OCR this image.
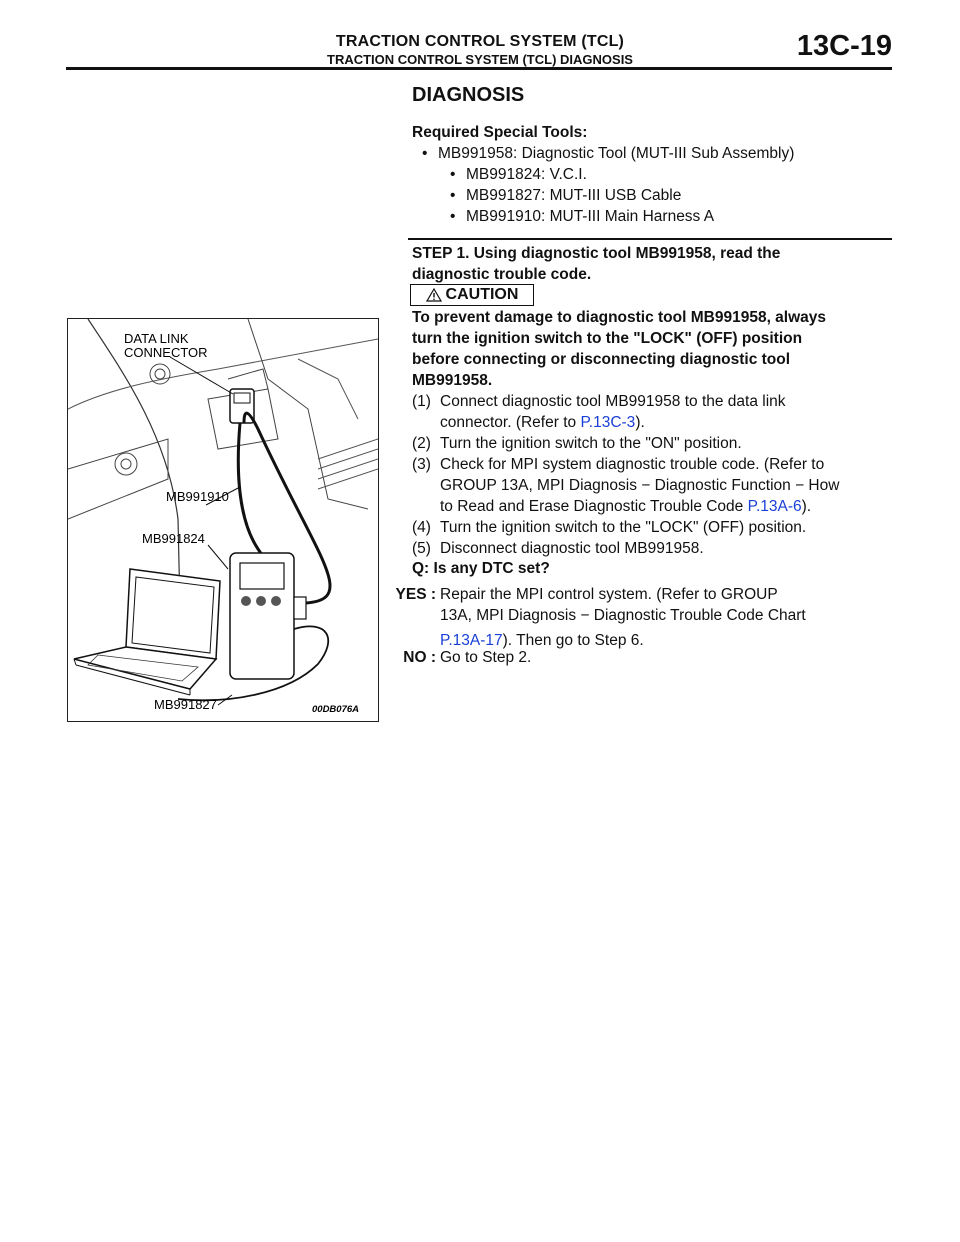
TRACTION CONTROL SYSTEM (TCL)
TRACTION CONTROL SYSTEM (TCL) DIAGNOSIS	13C-19
DIAGNOSIS
Required Special Tools:
• MB991958: Diagnostic Tool (MUT-III Sub Assembly)
• MB991824: V.C.I.
• MB991827: MUT-III USB Cable
• MB991910: MUT-III Main Harness A
STEP 1. Using diagnostic tool MB991958, read the
diagnostic trouble code.
CAUTION
To prevent damage to diagnostic tool MB991958, always
turn the ignition switch to the "LOCK" (OFF) position
before connecting or disconnecting diagnostic tool
MB991958.
(1) Connect diagnostic tool MB991958 to the data link
connector. (Refer to P.13C-3).
(2) Turn the ignition switch to the "ON" position.
(3) Check for MPI system diagnostic trouble code. (Refer to
GROUP 13A, MPI Diagnosis − Diagnostic Function − How
to Read and Erase Diagnostic Trouble Code P.13A-6).
(4) Turn the ignition switch to the "LOCK" (OFF) position.
(5) Disconnect diagnostic tool MB991958.
Q: Is any DTC set?
YES : Repair the MPI control system. (Refer to GROUP
13A, MPI Diagnosis − Diagnostic Trouble Code Chart
P.13A-17). Then go to Step 6.
NO : Go to Step 2.
DATA LINK
CONNECTOR
MB991910
MB991824
MB991827	00DB076A
